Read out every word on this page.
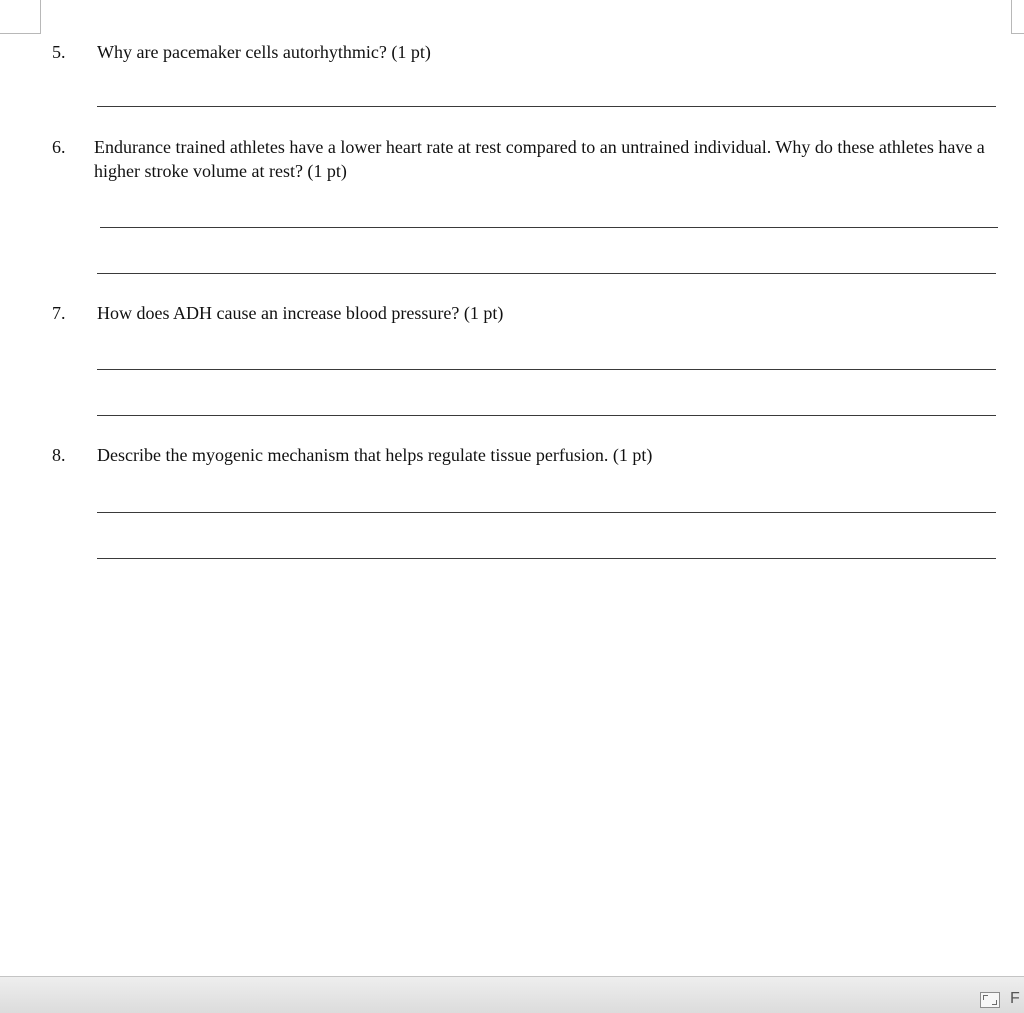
5. Why are pacemaker cells autorhythmic? (1 pt)
6. Endurance trained athletes have a lower heart rate at rest compared to an untrained individual. Why do these athletes have a higher stroke volume at rest? (1 pt)
7. How does ADH cause an increase blood pressure? (1 pt)
8. Describe the myogenic mechanism that helps regulate tissue perfusion. (1 pt)
F
